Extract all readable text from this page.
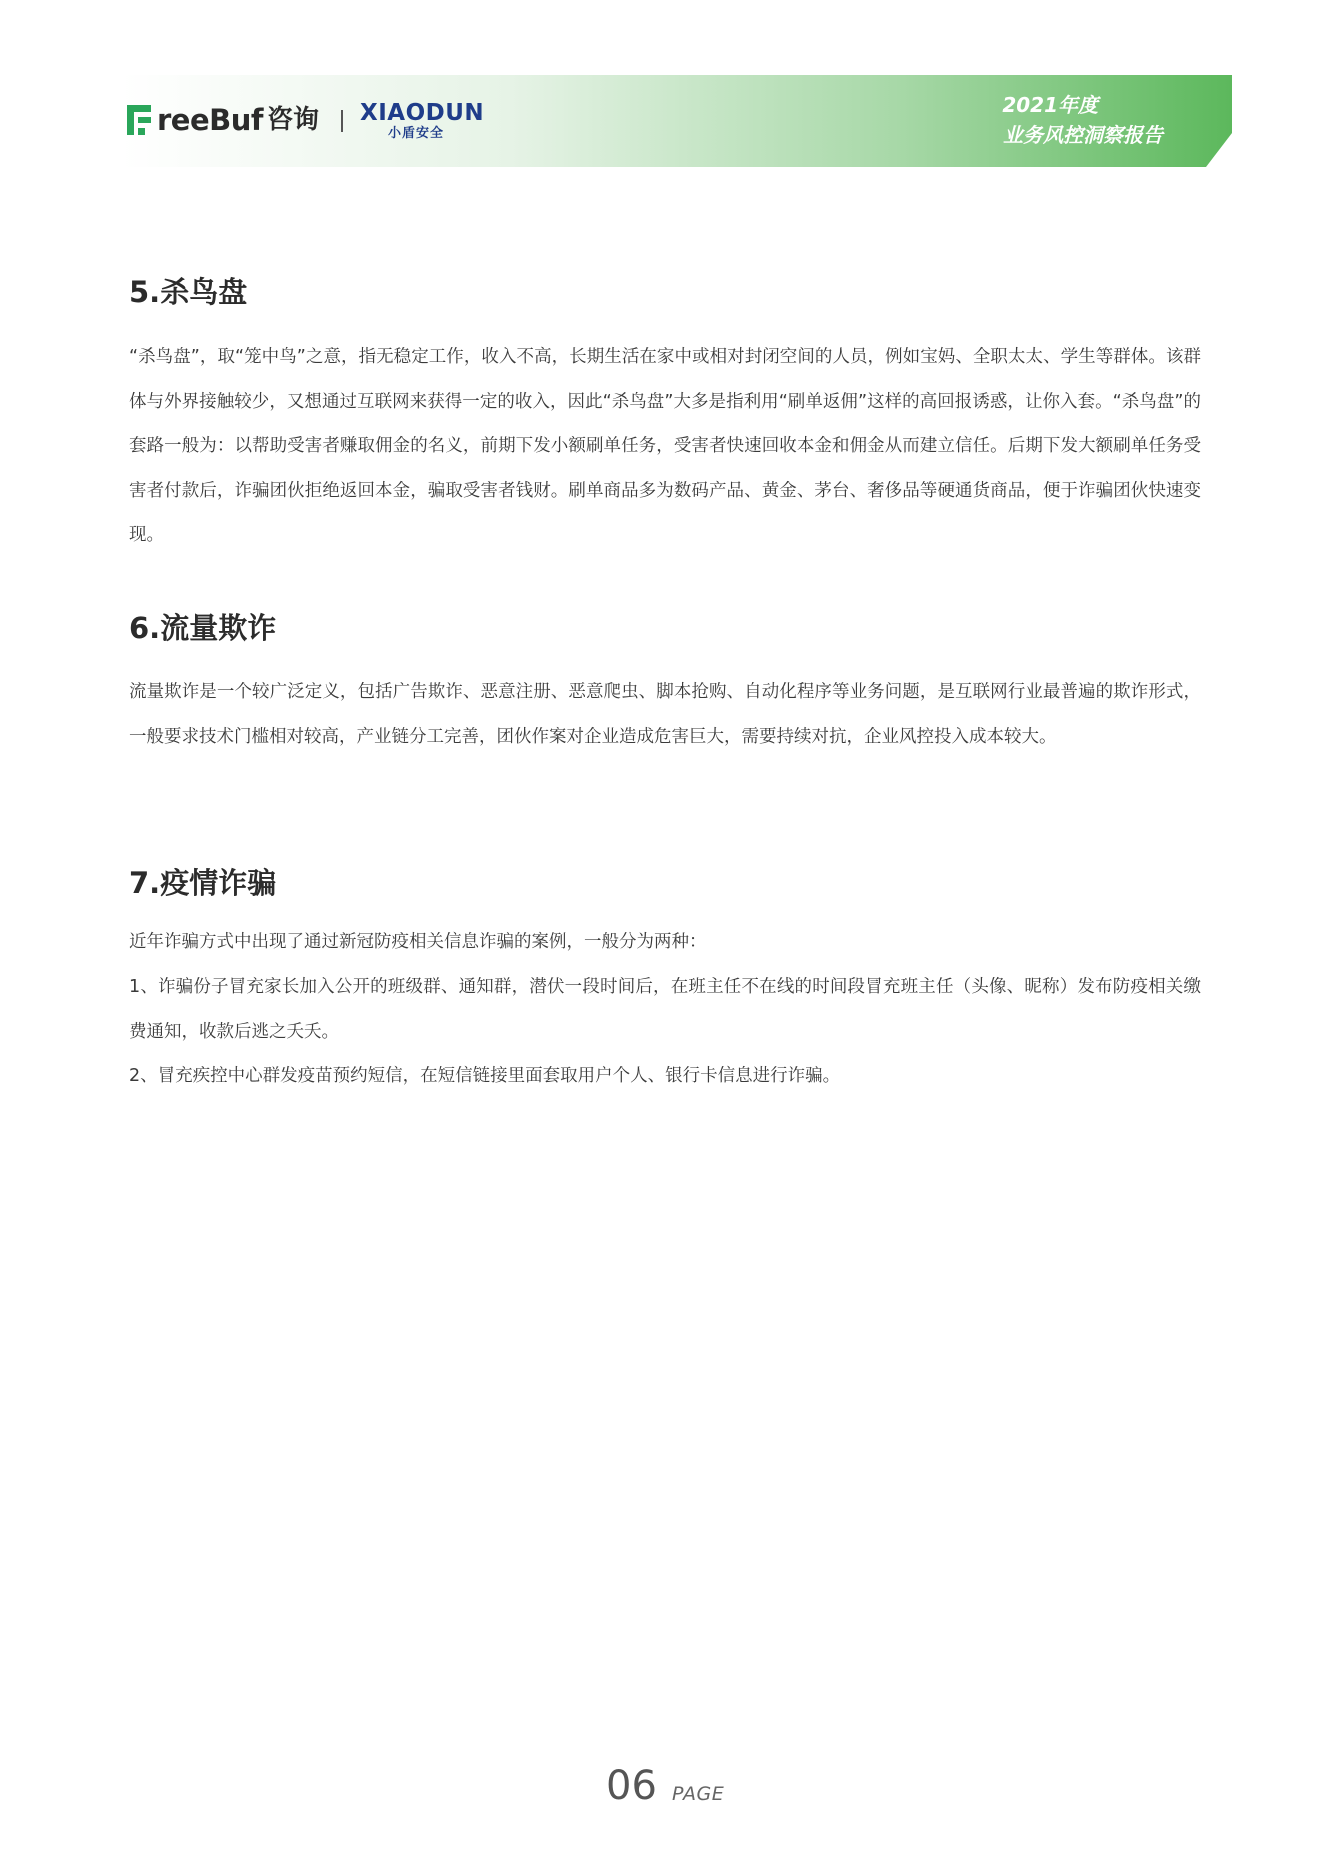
reeBuf 咨询 XIAODUN
小盾安全
2021年度
业务风控洞察报告
5.杀鸟盘

“杀鸟盘”，取“笼中鸟”之意，指无稳定工作，收入不高，长期生活在家中或相对封闭空间的人员，例如宝妈、全职太太、学生等群体。该群体与外界接触较少，又想通过互联网来获得一定的收入，因此“杀鸟盘”大多是指利用“刷单返佣”这样的高回报诱惑，让你入套。“杀鸟盘”的套路一般为：以帮助受害者赚取佣金的名义，前期下发小额刷单任务，受害者快速回收本金和佣金从而建立信任。后期下发大额刷单任务受害者付款后，诈骗团伙拒绝返回本金，骗取受害者钱财。刷单商品多为数码产品、黄金、茅台、奢侈品等硬通货商品，便于诈骗团伙快速变现。

6.流量欺诈

流量欺诈是一个较广泛定义，包括广告欺诈、恶意注册、恶意爬虫、脚本抢购、自动化程序等业务问题，是互联网行业最普遍的欺诈形式，一般要求技术门槛相对较高，产业链分工完善，团伙作案对企业造成危害巨大，需要持续对抗，企业风控投入成本较大。

7.疫情诈骗

近年诈骗方式中出现了通过新冠防疫相关信息诈骗的案例，一般分为两种：

1、诈骗份子冒充家长加入公开的班级群、通知群，潜伏一段时间后，在班主任不在线的时间段冒充班主任（头像、昵称）发布防疫相关缴费通知，收款后逃之夭夭。

2、冒充疾控中心群发疫苗预约短信，在短信链接里面套取用户个人、银行卡信息进行诈骗。

06 PAGE
